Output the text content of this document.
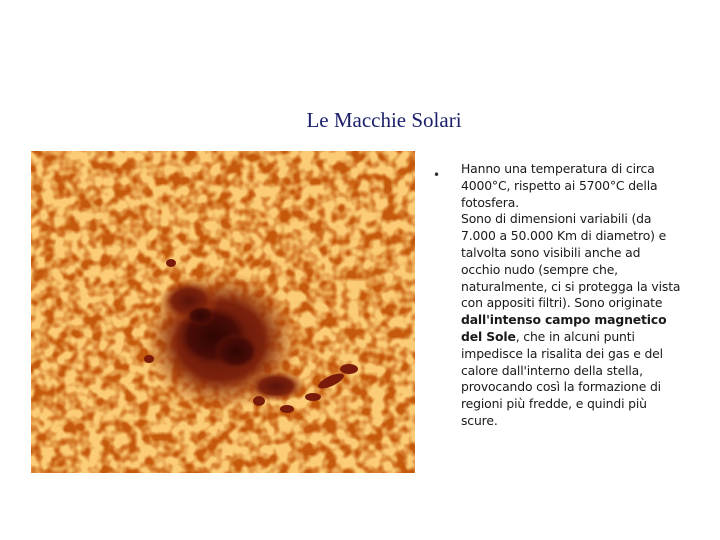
Le Macchie Solari
• Hanno una temperatura di circa 4000°C, rispetto ai 5700°C della fotosfera.

Sono di dimensioni variabili (da 7.000 a 50.000 Km di diametro) e talvolta sono visibili anche ad occhio nudo (sempre che, naturalmente, ci si protegga la vista con appositi filtri). Sono originate dall'intenso campo magnetico del Sole, che in alcuni punti impedisce la risalita dei gas e del calore dall'interno della stella, provocando così la formazione di regioni più fredde, e quindi più scure.
